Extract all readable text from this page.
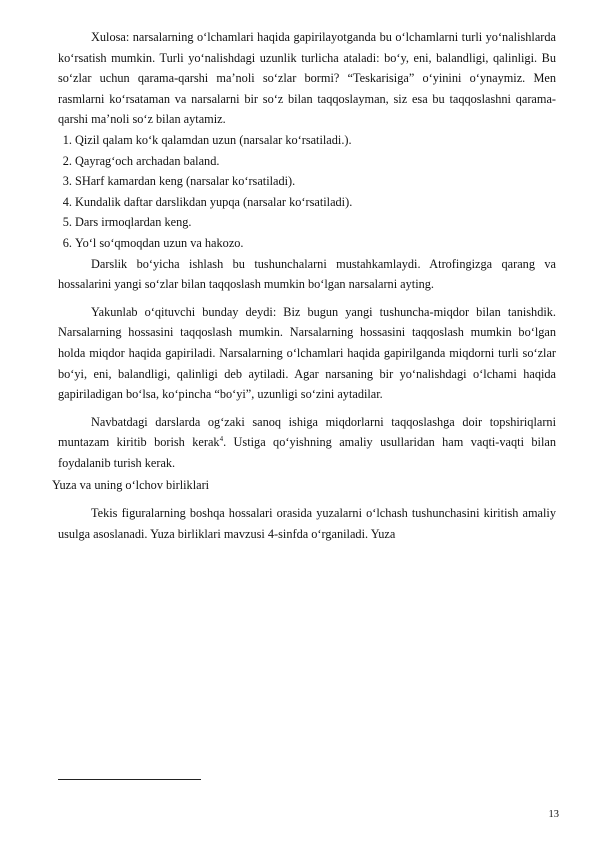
Xulosa: narsalarning o‘lchamlari haqida gapirilayotganda bu o‘lchamlarni turli yo‘nalishlarda ko‘rsatish mumkin. Turli yo‘nalishdagi uzunlik turlicha ataladi: bo‘y, eni, balandligi, qalinligi. Bu so‘zlar uchun qarama-qarshi ma’noli so‘zlar bormi? “Teskarisiga” o‘yinini o‘ynaymiz. Men rasmlarni ko‘rsataman va narsalarni bir so‘z bilan taqqoslayman, siz esa bu taqqoslashni qarama-qarshi ma’noli so‘z bilan aytamiz.

1. Qizil qalam ko‘k qalamdan uzun (narsalar ko‘rsatiladi.).
2. Qayrag‘och archadan baland.
3. SHarf kamardan keng (narsalar ko‘rsatiladi).
4. Kundalik daftar darslikdan yupqa (narsalar ko‘rsatiladi).
5. Dars irmoqlardan keng.
6. Yo‘l so‘qmoqdan uzun va hakozo.

Darslik bo‘yicha ishlash bu tushunchalarni mustahkamlaydi. Atrofingizga qarang va hossalarini yangi so‘zlar bilan taqqoslash mumkin bo‘lgan narsalarni ayting.

Yakunlab o‘qituvchi bunday deydi: Biz bugun yangi tushuncha-miqdor bilan tanishdik. Narsalarning hossasini taqqoslash mumkin. Narsalarning hossasini taqqoslash mumkin bo‘lgan holda miqdor haqida gapiriladi. Narsalarning o‘lchamlari haqida gapirilganda miqdorni turli so‘zlar bo‘yi, eni, balandligi, qalinligi deb aytiladi. Agar narsaning bir yo‘nalishdagi o‘lchami haqida gapiriladigan bo‘lsa, ko‘pincha “bo‘yi”, uzunligi so‘zini aytadilar.

Navbatdagi darslarda og‘zaki sanoq ishiga miqdorlarni taqqoslashga doir topshiriqlarni muntazam kiritib borish kerak$^4$. Ustiga qo‘yishning amaliy usullaridan ham vaqti-vaqti bilan foydalanib turish kerak.

Yuza va uning o‘lchov birliklari

Tekis figuralarning boshqa hossalari orasida yuzalarni o‘lchash tushunchasini kiritish amaliy usulga asoslanadi. Yuza birliklari mavzusi 4-sinfda o‘rganiladi. Yuza

13
